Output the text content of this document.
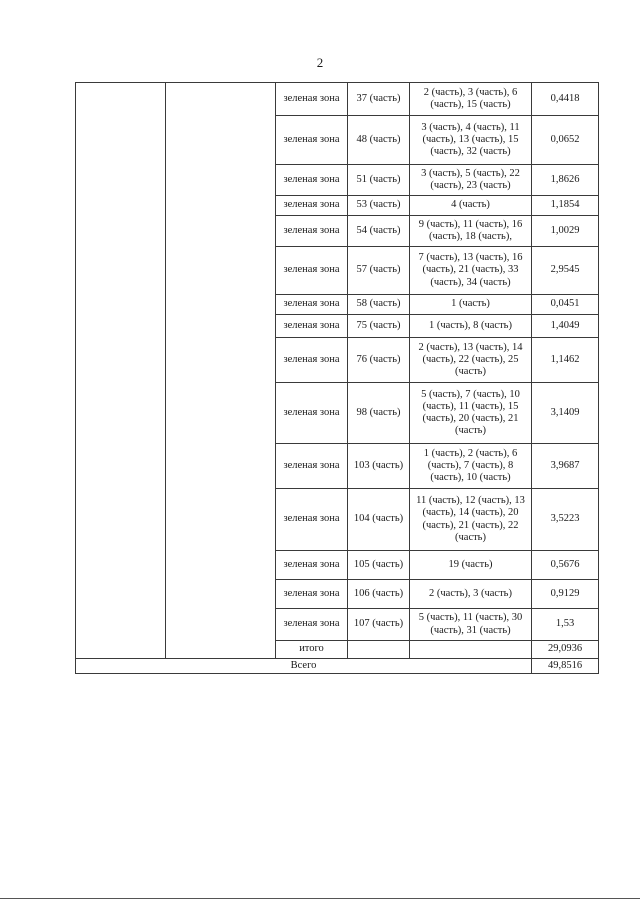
2
		зеленая зона	37 (часть)	2 (часть), 3 (часть), 6 (часть), 15 (часть)	0,4418
		зеленая зона	48 (часть)	3 (часть), 4 (часть), 11 (часть), 13 (часть), 15 (часть), 32 (часть)	0,0652
		зеленая зона	51 (часть)	3 (часть), 5 (часть), 22 (часть), 23 (часть)	1,8626
		зеленая зона	53 (часть)	4 (часть)	1,1854
		зеленая зона	54 (часть)	9 (часть), 11 (часть), 16 (часть), 18 (часть),	1,0029
		зеленая зона	57 (часть)	7 (часть), 13 (часть), 16 (часть), 21 (часть), 33 (часть), 34 (часть)	2,9545
		зеленая зона	58 (часть)	1 (часть)	0,0451
		зеленая зона	75 (часть)	1 (часть), 8 (часть)	1,4049
		зеленая зона	76 (часть)	2 (часть), 13 (часть), 14 (часть), 22 (часть), 25 (часть)	1,1462
		зеленая зона	98 (часть)	5 (часть), 7 (часть), 10 (часть), 11 (часть), 15 (часть), 20 (часть), 21 (часть)	3,1409
		зеленая зона	103 (часть)	1 (часть), 2 (часть), 6 (часть), 7 (часть), 8 (часть), 10 (часть)	3,9687
		зеленая зона	104 (часть)	11 (часть), 12 (часть), 13 (часть), 14 (часть), 20 (часть), 21 (часть), 22 (часть)	3,5223
		зеленая зона	105 (часть)	19 (часть)	0,5676
		зеленая зона	106 (часть)	2 (часть), 3 (часть)	0,9129
		зеленая зона	107 (часть)	5 (часть), 11 (часть), 30 (часть), 31 (часть)	1,53
		итого			29,0936
Всего					49,8516
